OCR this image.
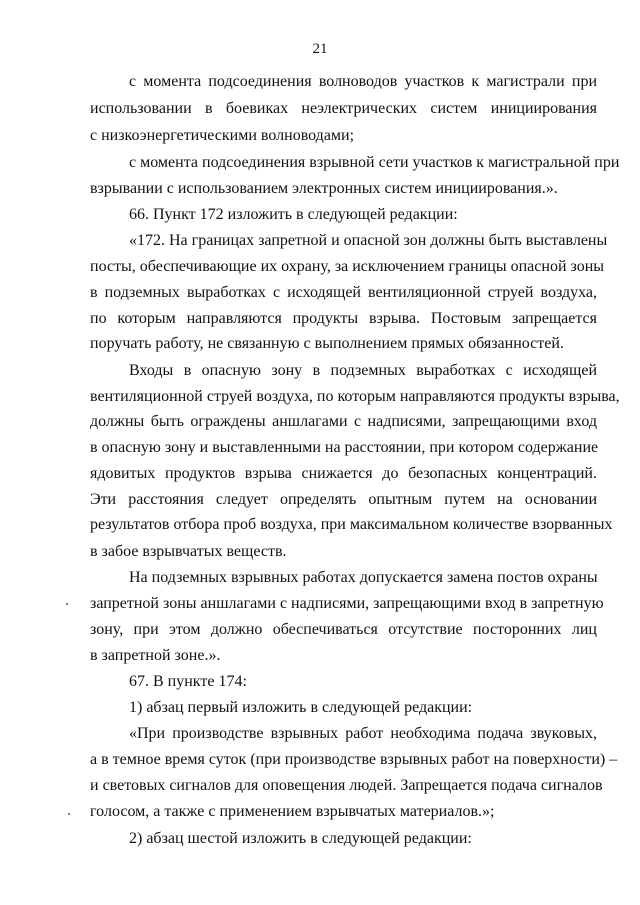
21
с момента подсоединения волноводов участков к магистрали при
использовании в боевиках неэлектрических систем инициирования
с низкоэнергетическими волноводами;
с момента подсоединения взрывной сети участков к магистральной при
взрывании с использованием электронных систем инициирования.».
66. Пункт 172 изложить в следующей редакции:
«172. На границах запретной и опасной зон должны быть выставлены
посты, обеспечивающие их охрану, за исключением границы опасной зоны
в подземных выработках с исходящей вентиляционной струей воздуха,
по которым направляются продукты взрыва. Постовым запрещается
поручать работу, не связанную с выполнением прямых обязанностей.
Входы в опасную зону в подземных выработках с исходящей
вентиляционной струей воздуха, по которым направляются продукты взрыва,
должны быть ограждены аншлагами с надписями, запрещающими вход
в опасную зону и выставленными на расстоянии, при котором содержание
ядовитых продуктов взрыва снижается до безопасных концентраций.
Эти расстояния следует определять опытным путем на основании
результатов отбора проб воздуха, при максимальном количестве взорванных
в забое взрывчатых веществ.
На подземных взрывных работах допускается замена постов охраны
запретной зоны аншлагами с надписями, запрещающими вход в запретную
зону, при этом должно обеспечиваться отсутствие посторонних лиц
в запретной зоне.».
67. В пункте 174:
1) абзац первый изложить в следующей редакции:
«При производстве взрывных работ необходима подача звуковых,
а в темное время суток (при производстве взрывных работ на поверхности) –
и световых сигналов для оповещения людей. Запрещается подача сигналов
голосом, а также с применением взрывчатых материалов.»;
2) абзац шестой изложить в следующей редакции:
